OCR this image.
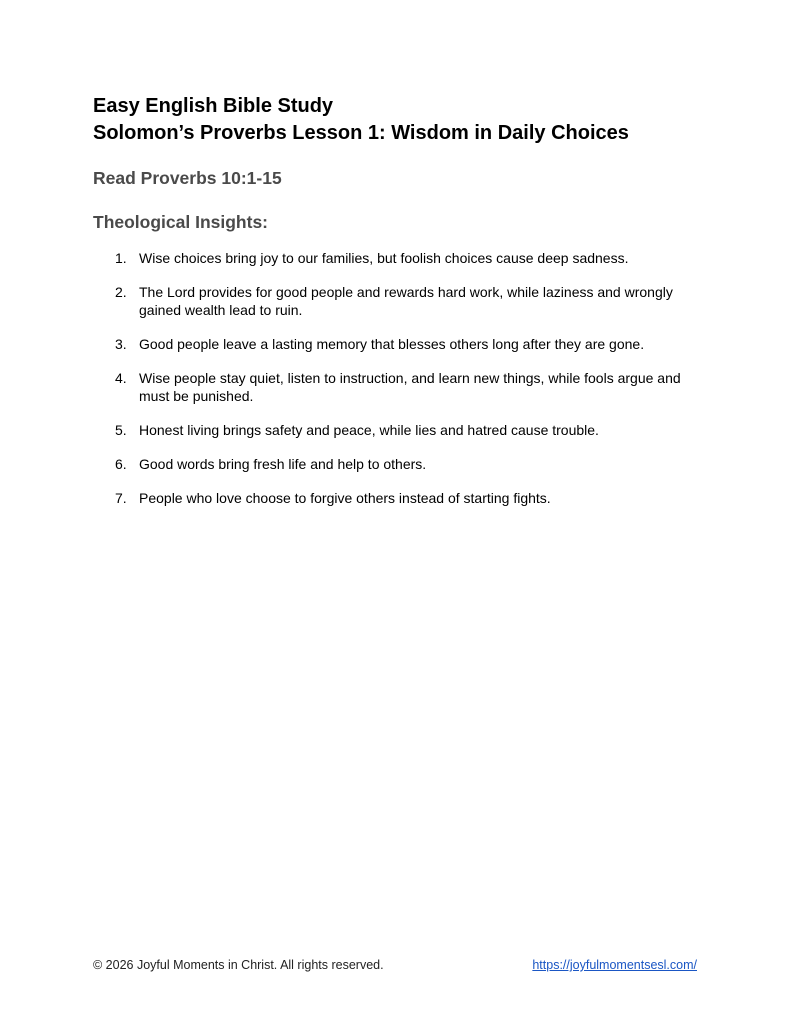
Easy English Bible Study

Solomon’s Proverbs Lesson 1: Wisdom in Daily Choices

Read Proverbs 10:1-15

Theological Insights:

1. Wise choices bring joy to our families, but foolish choices cause deep sadness.
2. The Lord provides for good people and rewards hard work, while laziness and wrongly gained wealth lead to ruin.
3. Good people leave a lasting memory that blesses others long after they are gone.
4. Wise people stay quiet, listen to instruction, and learn new things, while fools argue and must be punished.
5. Honest living brings safety and peace, while lies and hatred cause trouble.
6. Good words bring fresh life and help to others.
7. People who love choose to forgive others instead of starting fights.
© 2026 Joyful Moments in Christ. All rights reserved.	https://joyfulmomentsesl.com/
